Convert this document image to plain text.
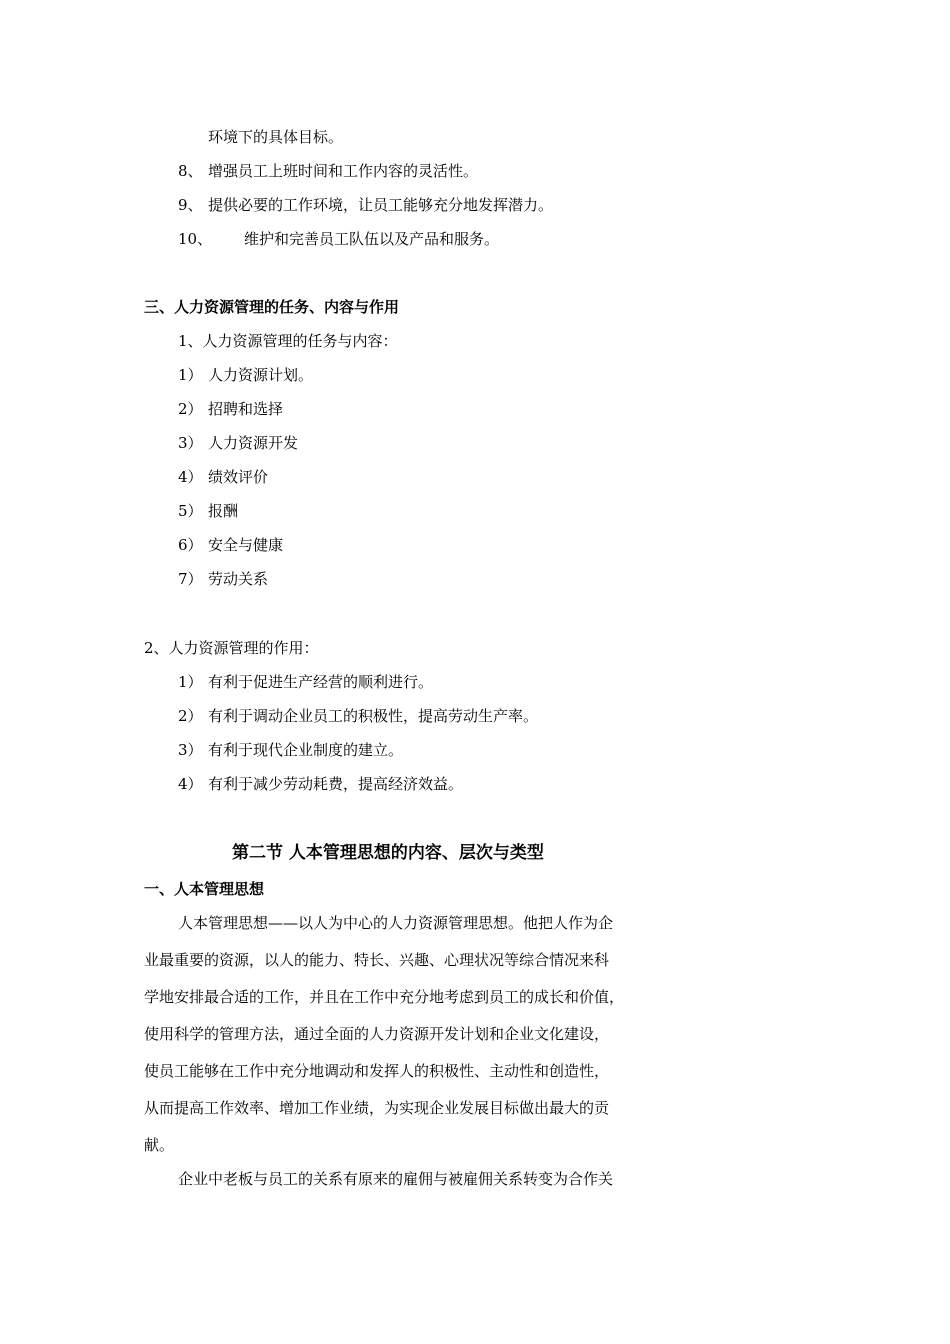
环境下的具体目标。
8、 增强员工上班时间和工作内容的灵活性。
9、 提供必要的工作环境，让员工能够充分地发挥潜力。
10、 维护和完善员工队伍以及产品和服务。
三、人力资源管理的任务、内容与作用
1、人力资源管理的任务与内容：
1） 人力资源计划。
2） 招聘和选择
3） 人力资源开发
4） 绩效评价
5） 报酬
6） 安全与健康
7） 劳动关系
2、人力资源管理的作用：
1） 有利于促进生产经营的顺利进行。
2） 有利于调动企业员工的积极性，提高劳动生产率。
3） 有利于现代企业制度的建立。
4） 有利于减少劳动耗费，提高经济效益。
第二节 人本管理思想的内容、层次与类型
一、人本管理思想
人本管理思想——以人为中心的人力资源管理思想。他把人作为企
业最重要的资源，以人的能力、特长、兴趣、心理状况等综合情况来科
学地安排最合适的工作，并且在工作中充分地考虑到员工的成长和价值，
使用科学的管理方法，通过全面的人力资源开发计划和企业文化建设，
使员工能够在工作中充分地调动和发挥人的积极性、主动性和创造性，
从而提高工作效率、增加工作业绩，为实现企业发展目标做出最大的贡
献。
企业中老板与员工的关系有原来的雇佣与被雇佣关系转变为合作关
